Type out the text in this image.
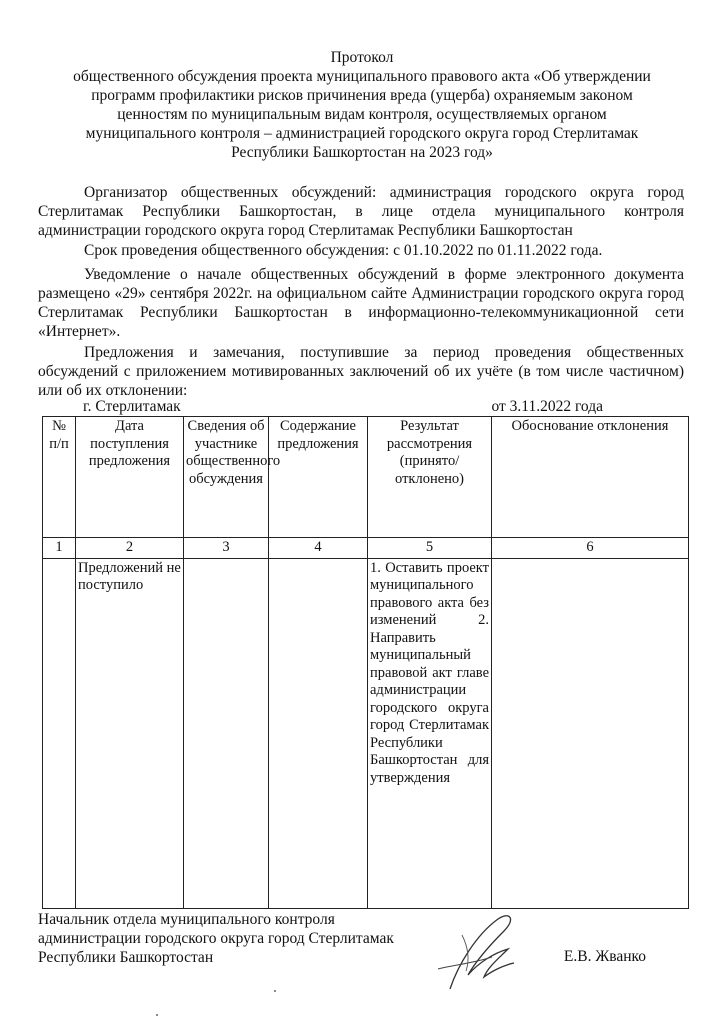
Протокол
общественного обсуждения проекта муниципального правового акта «Об утверждении
программ профилактики рисков причинения вреда (ущерба) охраняемым законом
ценностям по муниципальным видам контроля, осуществляемых органом
муниципального контроля – администрацией городского округа город Стерлитамак
Республики Башкортостан на 2023 год»
Организатор общественных обсуждений: администрация городского округа город Стерлитамак Республики Башкортостан, в лице отдела муниципального контроля администрации городского округа город Стерлитамак Республики Башкортостан
Срок проведения общественного обсуждения: с 01.10.2022 по 01.11.2022 года.
Уведомление о начале общественных обсуждений в форме электронного документа размещено «29» сентября 2022г. на официальном сайте Администрации городского округа город Стерлитамак Республики Башкортостан в информационно-телекоммуникационной сети «Интернет».
Предложения и замечания, поступившие за период проведения общественных обсуждений с приложением мотивированных заключений об их учёте (в том числе частичном) или об их отклонении:
г. Стерлитамак	от 3.11.2022 года
№ п/п	Дата поступления предложения	Сведения об участнике общественного обсуждения	Содержание предложения	Результат рассмотрения (принято/ отклонено)	Обоснование отклонения
1	2	3	4	5	6
	Предложений не поступило			1. Оставить проект муниципального правового акта без изменений 2. Направить муниципальный правовой акт главе администрации городского округа город Стерлитамак Республики Башкортостан для утверждения	
Начальник отдела муниципального контроля
администрации городского округа город Стерлитамак
Республики Башкортостан	Е.В. Жванко
